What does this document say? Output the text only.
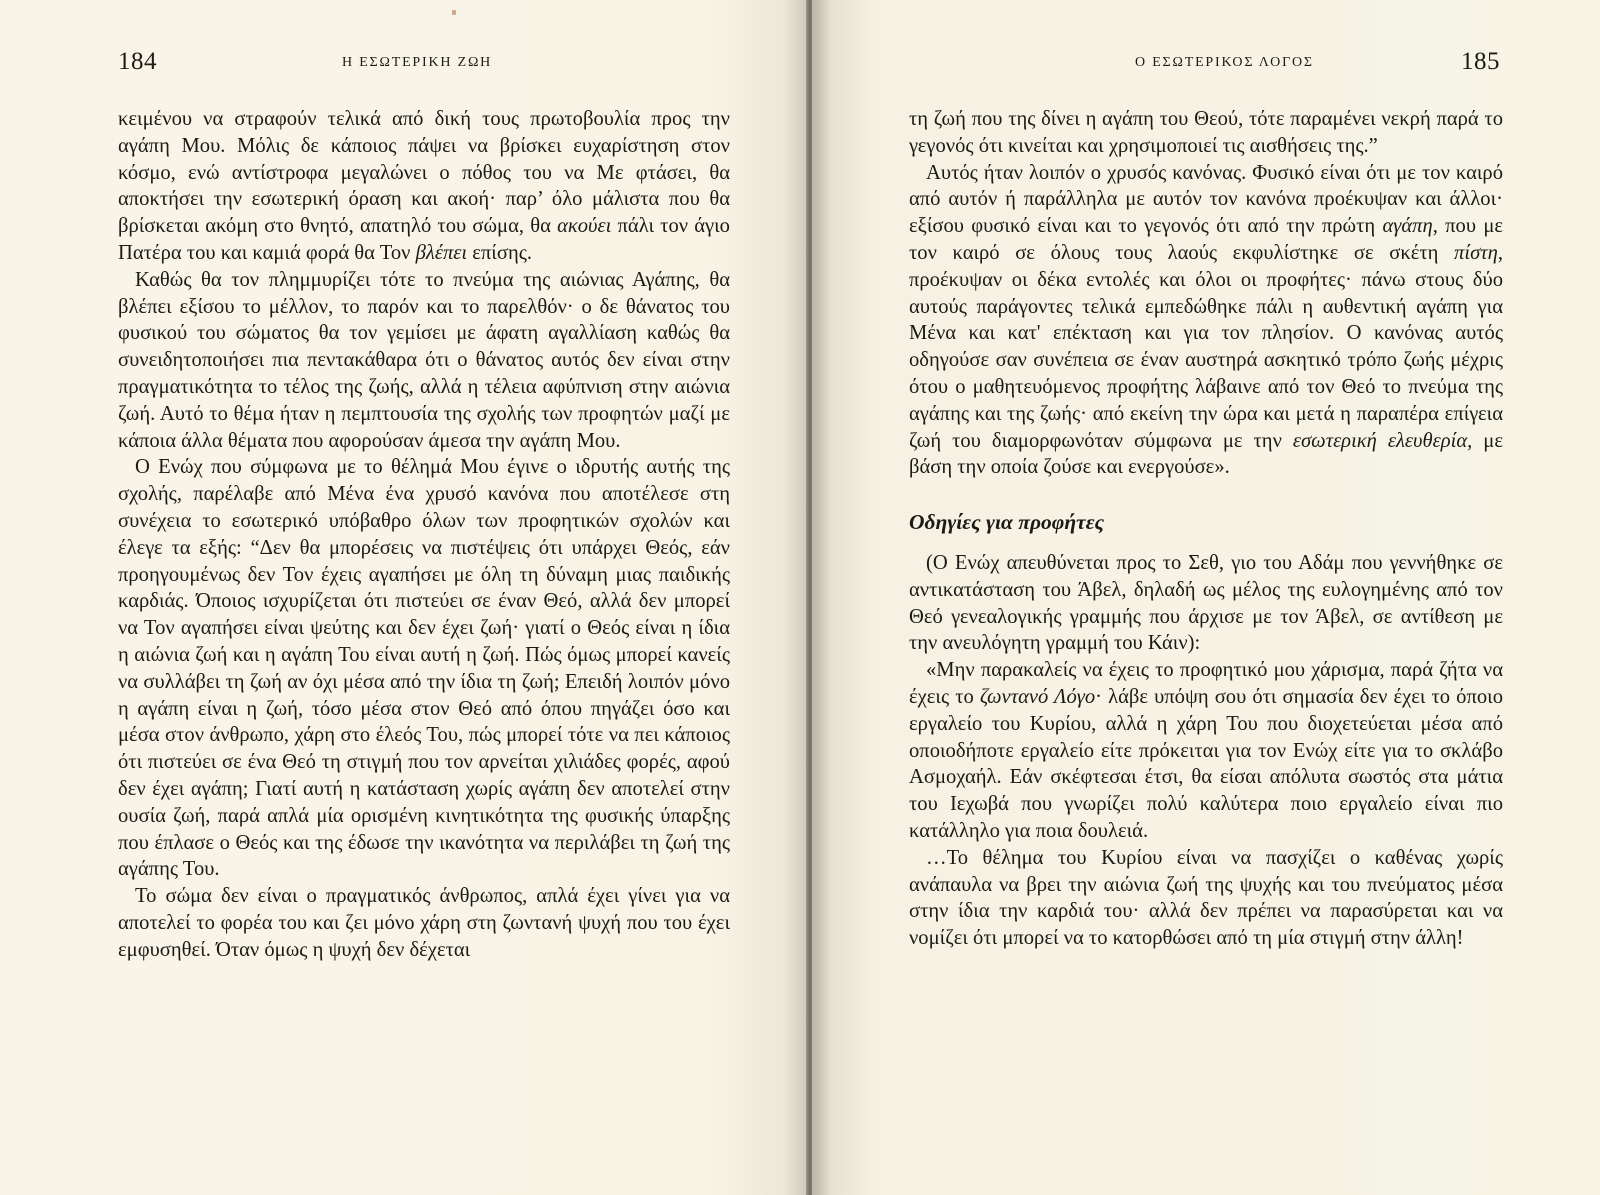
184	Η ΕΣΩΤΕΡΙΚΗ ΖΩΗ

κειμένου να στραφούν τελικά από δική τους πρωτοβουλία προς την αγάπη Μου. Μόλις δε κάποιος πάψει να βρίσκει ευχαρίστηση στον κόσμο, ενώ αντίστροφα μεγαλώνει ο πόθος του να Με φτάσει, θα αποκτήσει την εσωτερική όραση και ακοή· παρ’ όλο μάλιστα που θα βρίσκεται ακόμη στο θνητό, απατηλό του σώμα, θα ακούει πάλι τον άγιο Πατέρα του και καμιά φορά θα Τον βλέπει επίσης.

Καθώς θα τον πλημμυρίζει τότε το πνεύμα της αιώνιας Αγάπης, θα βλέπει εξίσου το μέλλον, το παρόν και το παρελθόν· ο δε θάνατος του φυσικού του σώματος θα τον γεμίσει με άφατη αγαλλίαση καθώς θα συνειδητοποιήσει πια πεντακάθαρα ότι ο θάνατος αυτός δεν είναι στην πραγματικότητα το τέλος της ζωής, αλλά η τέλεια αφύπνιση στην αιώνια ζωή. Αυτό το θέμα ήταν η πεμπτουσία της σχολής των προφητών μαζί με κάποια άλλα θέματα που αφορούσαν άμεσα την αγάπη Μου.

Ο Ενώχ που σύμφωνα με το θέλημά Μου έγινε ο ιδρυτής αυτής της σχολής, παρέλαβε από Μένα ένα χρυσό κανόνα που αποτέλεσε στη συνέχεια το εσωτερικό υπόβαθρο όλων των προφητικών σχολών και έλεγε τα εξής: “Δεν θα μπορέσεις να πιστέψεις ότι υπάρχει Θεός, εάν προηγουμένως δεν Τον έχεις αγαπήσει με όλη τη δύναμη μιας παιδικής καρδιάς. Όποιος ισχυρίζεται ότι πιστεύει σε έναν Θεό, αλλά δεν μπορεί να Τον αγαπήσει είναι ψεύτης και δεν έχει ζωή· γιατί ο Θεός είναι η ίδια η αιώνια ζωή και η αγάπη Του είναι αυτή η ζωή. Πώς όμως μπορεί κανείς να συλλάβει τη ζωή αν όχι μέσα από την ίδια τη ζωή; Επειδή λοιπόν μόνο η αγάπη είναι η ζωή, τόσο μέσα στον Θεό από όπου πηγάζει όσο και μέσα στον άνθρωπο, χάρη στο έλεός Του, πώς μπορεί τότε να πει κάποιος ότι πιστεύει σε ένα Θεό τη στιγμή που τον αρνείται χιλιάδες φορές, αφού δεν έχει αγάπη; Γιατί αυτή η κατάσταση χωρίς αγάπη δεν αποτελεί στην ουσία ζωή, παρά απλά μία ορισμένη κινητικότητα της φυσικής ύπαρξης που έπλασε ο Θεός και της έδωσε την ικανότητα να περιλάβει τη ζωή της αγάπης Του.

Το σώμα δεν είναι ο πραγματικός άνθρωπος, απλά έχει γίνει για να αποτελεί το φορέα του και ζει μόνο χάρη στη ζωντανή ψυχή που του έχει εμφυσηθεί. Όταν όμως η ψυχή δεν δέχεται

Ο ΕΣΩΤΕΡΙΚΟΣ ΛΟΓΟΣ	185

τη ζωή που της δίνει η αγάπη του Θεού, τότε παραμένει νεκρή παρά το γεγονός ότι κινείται και χρησιμοποιεί τις αισθήσεις της.”

Αυτός ήταν λοιπόν ο χρυσός κανόνας. Φυσικό είναι ότι με τον καιρό από αυτόν ή παράλληλα με αυτόν τον κανόνα προέκυψαν και άλλοι· εξίσου φυσικό είναι και το γεγονός ότι από την πρώτη αγάπη, που με τον καιρό σε όλους τους λαούς εκφυλίστηκε σε σκέτη πίστη, προέκυψαν οι δέκα εντολές και όλοι οι προφήτες· πάνω στους δύο αυτούς παράγοντες τελικά εμπεδώθηκε πάλι η αυθεντική αγάπη για Μένα και κατ' επέκταση και για τον πλησίον. Ο κανόνας αυτός οδηγούσε σαν συνέπεια σε έναν αυστηρά ασκητικό τρόπο ζωής μέχρις ότου ο μαθητευόμενος προφήτης λάβαινε από τον Θεό το πνεύμα της αγάπης και της ζωής· από εκείνη την ώρα και μετά η παραπέρα επίγεια ζωή του διαμορφωνόταν σύμφωνα με την εσωτερική ελευθερία, με βάση την οποία ζούσε και ενεργούσε».

Οδηγίες για προφήτες

(Ο Ενώχ απευθύνεται προς το Σεθ, γιο του Αδάμ που γεννήθηκε σε αντικατάσταση του Άβελ, δηλαδή ως μέλος της ευλογημένης από τον Θεό γενεαλογικής γραμμής που άρχισε με τον Άβελ, σε αντίθεση με την ανευλόγητη γραμμή του Κάιν):

«Μην παρακαλείς να έχεις το προφητικό μου χάρισμα, παρά ζήτα να έχεις το ζωντανό Λόγο· λάβε υπόψη σου ότι σημασία δεν έχει το όποιο εργαλείο του Κυρίου, αλλά η χάρη Του που διοχετεύεται μέσα από οποιοδήποτε εργαλείο είτε πρόκειται για τον Ενώχ είτε για το σκλάβο Ασμοχαήλ. Εάν σκέφτεσαι έτσι, θα είσαι απόλυτα σωστός στα μάτια του Ιεχωβά που γνωρίζει πολύ καλύτερα ποιο εργαλείο είναι πιο κατάλληλο για ποια δουλειά.

…Το θέλημα του Κυρίου είναι να πασχίζει ο καθένας χωρίς ανάπαυλα να βρει την αιώνια ζωή της ψυχής και του πνεύματος μέσα στην ίδια την καρδιά του· αλλά δεν πρέπει να παρασύρεται και να νομίζει ότι μπορεί να το κατορθώσει από τη μία στιγμή στην άλλη!
